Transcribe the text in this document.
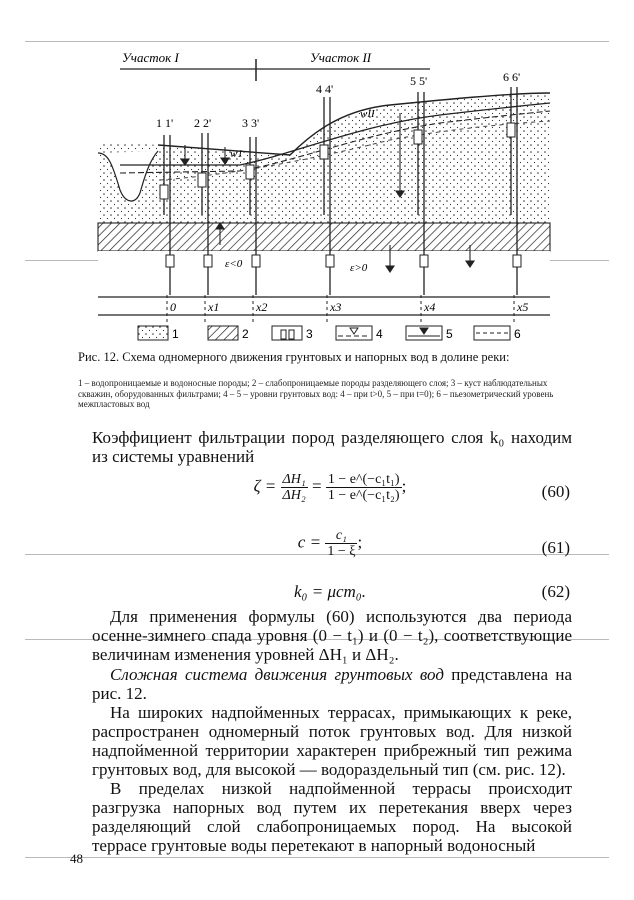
Участок I	Участок II
1 1' 2 2'	3 3'
4 4'
5 5'	6 6'
w1
wII
ε<0	ε>0
0	x1	x2	x3	x4	x5
1	2	3	4	5	6
Рис. 12. Схема одномерного движения грунтовых и напорных вод в долине реки:
1 – водопроницаемые и водоносные породы; 2 – слабопроницаемые породы разделяющего слоя; 3 – куст наблюдательных скважин, оборудованных фильтрами; 4 – 5 – уровни грунтовых вод: 4 – при t>0, 5 – при t=0); 6 – пьезометрический уровень межпластовых вод
Коэффициент фильтрации пород разделяющего слоя k₀ находим из системы уравнений
$\zeta = \frac{\text{ΔH₁}}{\text{ΔH₂}} = \frac{\text{1 − e\textasciicircum{}(−c₁t₁)}}{\text{1 − e\textasciicircum{}(−c₁t₂)}}$ ;	(60)
$c = \frac{\text{c₁}}{1 - \xi}$ ;	(61)
k₀ = μcm₀.	(62)
Для применения формулы (60) используются два периода осенне-зимнего спада уровня (0 − t₁) и (0 − t₂), соответствующие величинам изменения уровней ΔH₁ и ΔH₂.
Сложная система движения грунтовых вод представлена на рис. 12.
На широких надпойменных террасах, примыкающих к реке, распространен одномерный поток грунтовых вод. Для низкой надпойменной территории характерен прибрежный тип режима грунтовых вод, для высокой — водораздельный тип (см. рис. 12).
В пределах низкой надпойменной террасы происходит разгрузка напорных вод путем их перетекания вверх через разделяющий слой слабопроницаемых пород. На высокой террасе грунтовые воды перетекают в напорный водоносный
48
